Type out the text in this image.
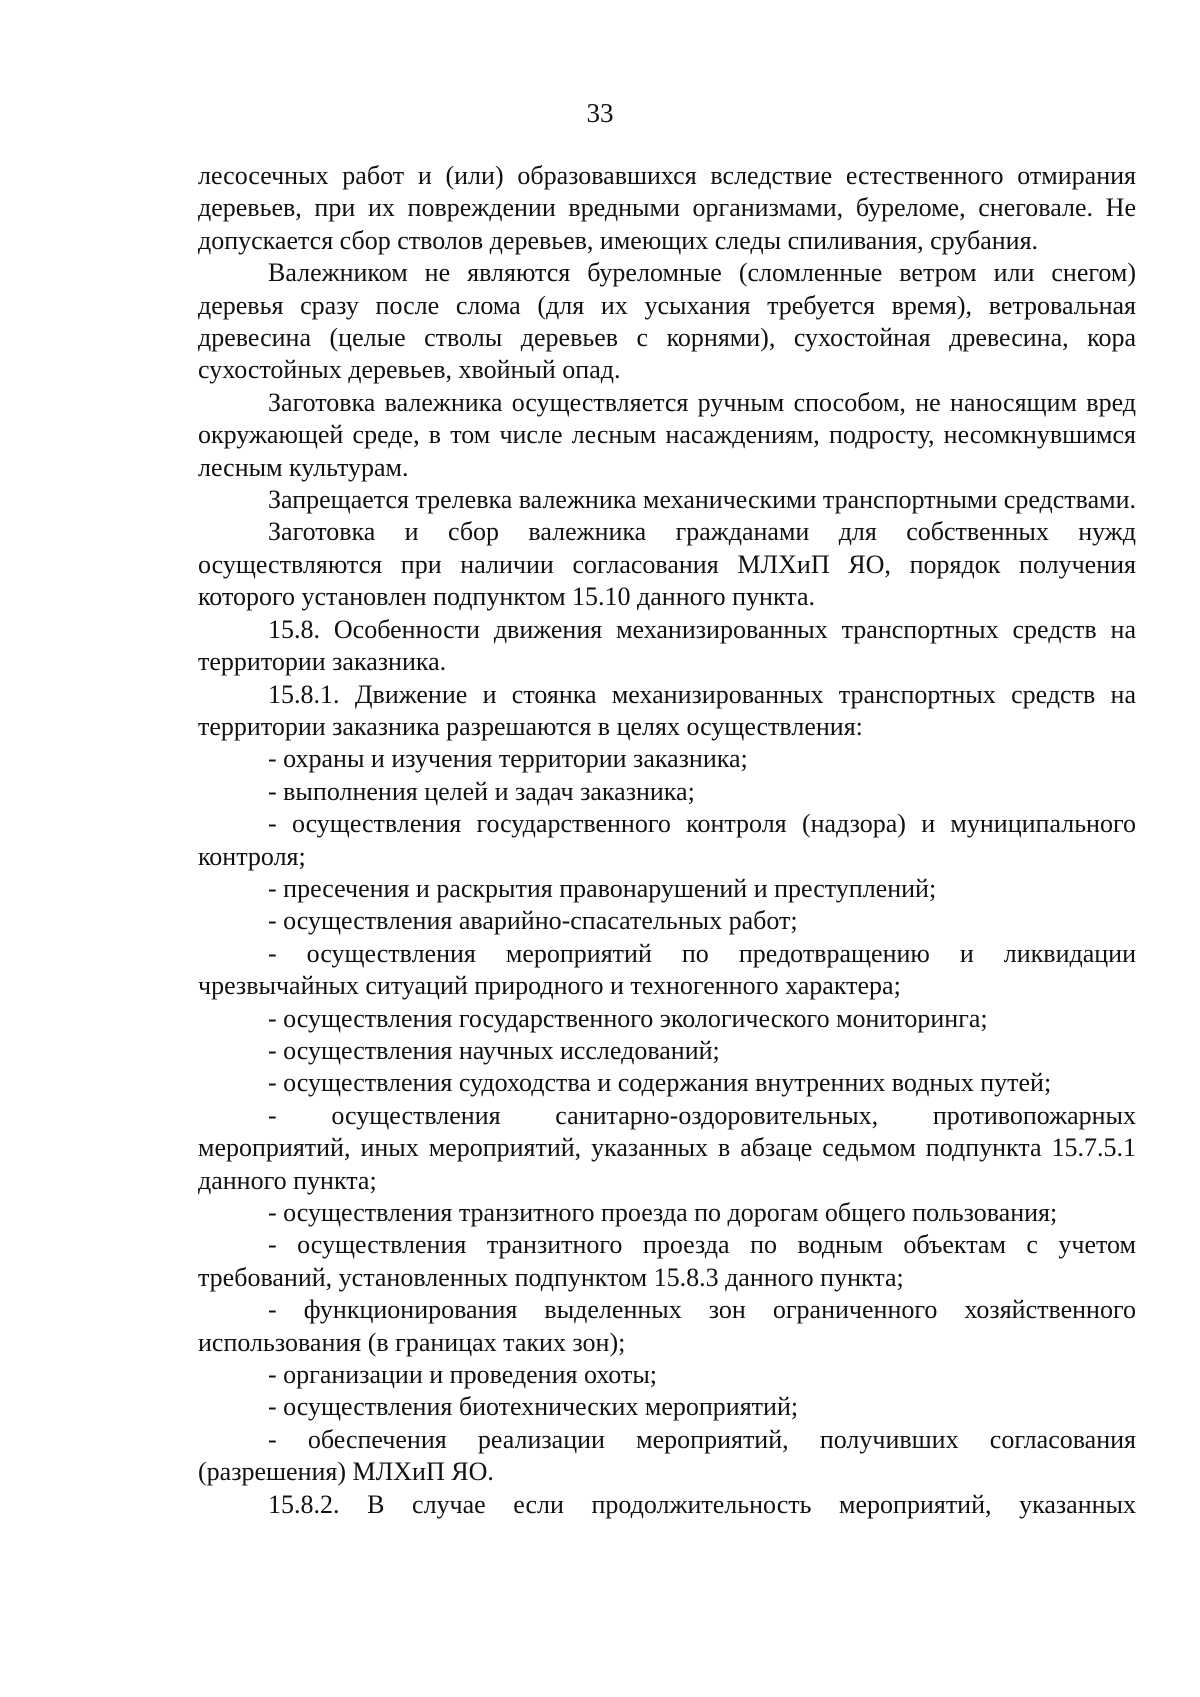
33

лесосечных работ и (или) образовавшихся вследствие естественного отмирания деревьев, при их повреждении вредными организмами, буреломе, снеговале. Не допускается сбор стволов деревьев, имеющих следы спиливания, срубания.

Валежником не являются буреломные (сломленные ветром или снегом) деревья сразу после слома (для их усыхания требуется время), ветровальная древесина (целые стволы деревьев с корнями), сухостойная древесина, кора сухостойных деревьев, хвойный опад.

Заготовка валежника осуществляется ручным способом, не наносящим вред окружающей среде, в том числе лесным насаждениям, подросту, несомкнувшимся лесным культурам.

Запрещается трелевка валежника механическими транспортными средствами.

Заготовка и сбор валежника гражданами для собственных нужд осуществляются при наличии согласования МЛХиП ЯО, порядок получения которого установлен подпунктом 15.10 данного пункта.

15.8. Особенности движения механизированных транспортных средств на территории заказника.

15.8.1. Движение и стоянка механизированных транспортных средств на территории заказника разрешаются в целях осуществления:

- охраны и изучения территории заказника;

- выполнения целей и задач заказника;

- осуществления государственного контроля (надзора) и муниципального контроля;

- пресечения и раскрытия правонарушений и преступлений;

- осуществления аварийно-спасательных работ;

- осуществления мероприятий по предотвращению и ликвидации чрезвычайных ситуаций природного и техногенного характера;

- осуществления государственного экологического мониторинга;

- осуществления научных исследований;

- осуществления судоходства и содержания внутренних водных путей;

- осуществления санитарно-оздоровительных, противопожарных мероприятий, иных мероприятий, указанных в абзаце седьмом подпункта 15.7.5.1 данного пункта;

- осуществления транзитного проезда по дорогам общего пользования;

- осуществления транзитного проезда по водным объектам с учетом требований, установленных подпунктом 15.8.3 данного пункта;

- функционирования выделенных зон ограниченного хозяйственного использования (в границах таких зон);

- организации и проведения охоты;

- осуществления биотехнических мероприятий;

- обеспечения реализации мероприятий, получивших согласования (разрешения) МЛХиП ЯО.

15.8.2. В случае если продолжительность мероприятий, указанных
